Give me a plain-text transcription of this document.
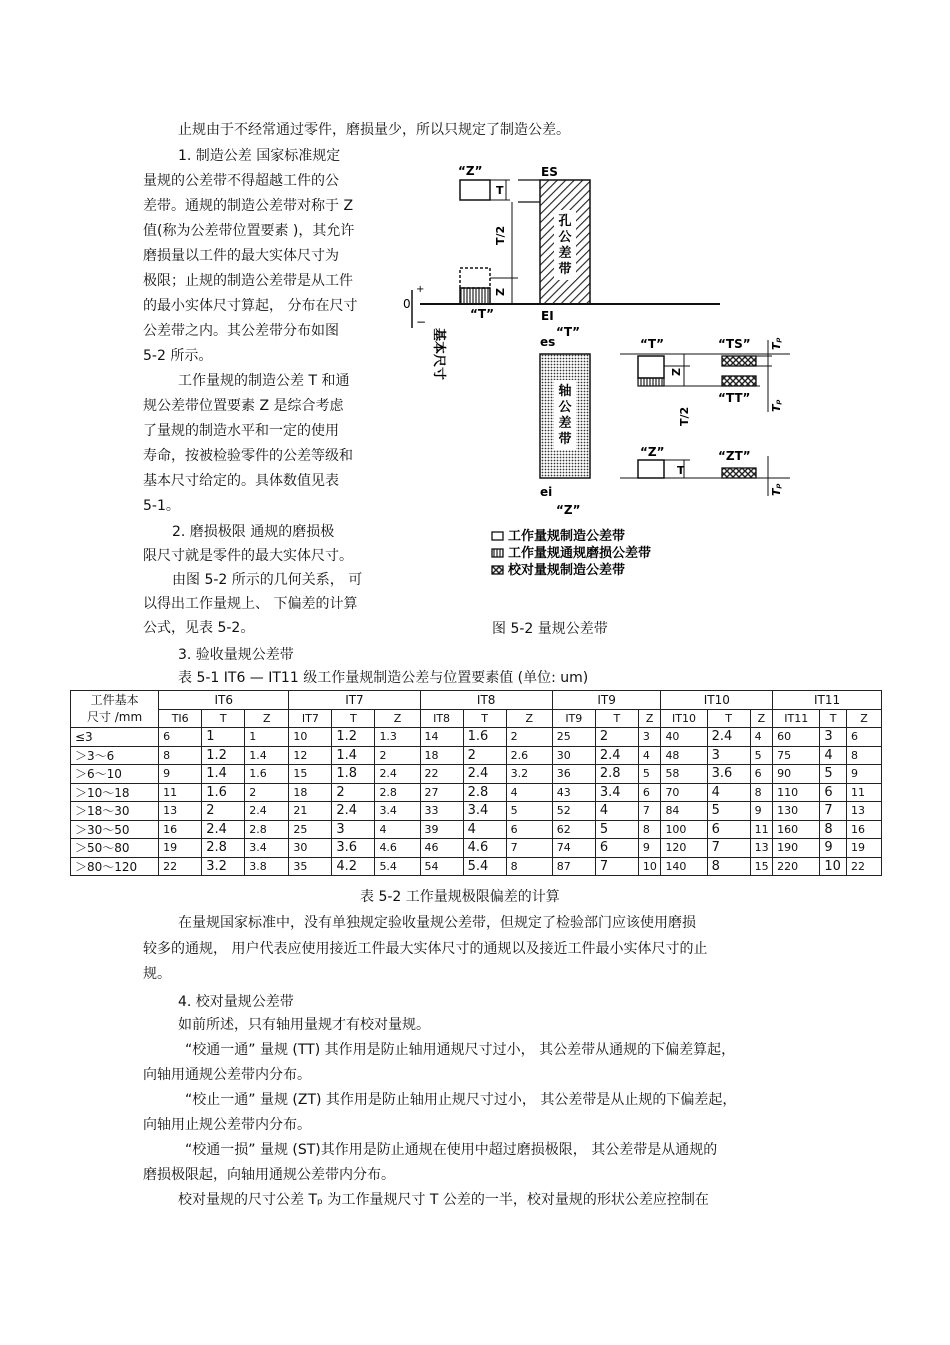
止规由于不经常通过零件，磨损量少，所以只规定了制造公差。
1. 制造公差 国家标准规定
量规的公差带不得超越工件的公
差带。通规的制造公差带对称于 Z
值(称为公差带位置要素 )，其允许
磨损量以工件的最大实体尺寸为
极限；止规的制造公差带是从工件
的最小实体尺寸算起， 分布在尺寸
公差带之内。其公差带分布如图
5-2 所示。
工作量规的制造公差 T 和通
规公差带位置要素 Z 是综合考虑
了量规的制造水平和一定的使用
寿命，按被检验零件的公差等级和
基本尺寸给定的。具体数值见表
5-1。
2. 磨损极限 通规的磨损极
限尺寸就是零件的最大实体尺寸。
由图 5-2 所示的几何关系， 可
以得出工作量规上、 下偏差的计算
公式，见表 5-2。
+
0
−
基本尺寸
孔公差带
ES
EI
“Z”
T
“T”
T/2
Z
es
“T”
轴公差带
ei
“Z”
“T”
Z
T/2
“TS”
“TT”
Tₚ
Tₚ
“Z”
T
“ZT”
Tₚ
工作量规制造公差带
工作量规通规磨损公差带
校对量规制造公差带
图 5-2 量规公差带
3. 验收量规公差带
表 5-1 IT6 — IT11 级工作量规制造公差与位置要素值 (单位: um)
工件基本
尺寸 /mm	IT6			IT7			IT8			IT9			IT10			IT11		
	TI6	T	Z	IT7	T	Z	IT8	T	Z	IT9	T	Z	IT10	T	Z	IT11	T	Z
≤3	6	1	1	10	1.2	1.3	14	1.6	2	25	2	3	40	2.4	4	60	3	6
＞3～6	8	1.2	1.4	12	1.4	2	18	2	2.6	30	2.4	4	48	3	5	75	4	8
＞6～10	9	1.4	1.6	15	1.8	2.4	22	2.4	3.2	36	2.8	5	58	3.6	6	90	5	9
＞10～18	11	1.6	2	18	2	2.8	27	2.8	4	43	3.4	6	70	4	8	110	6	11
＞18～30	13	2	2.4	21	2.4	3.4	33	3.4	5	52	4	7	84	5	9	130	7	13
＞30～50	16	2.4	2.8	25	3	4	39	4	6	62	5	8	100	6	11	160	8	16
＞50～80	19	2.8	3.4	30	3.6	4.6	46	4.6	7	74	6	9	120	7	13	190	9	19
＞80～120	22	3.2	3.8	35	4.2	5.4	54	5.4	8	87	7	10	140	8	15	220	10	22
表 5-2 工作量规极限偏差的计算
在量规国家标准中，没有单独规定验收量规公差带，但规定了检验部门应该使用磨损
较多的通规， 用户代表应使用接近工件最大实体尺寸的通规以及接近工件最小实体尺寸的止
规。
4. 校对量规公差带
如前所述，只有轴用量规才有校对量规。
“校通一通” 量规 (TT) 其作用是防止轴用通规尺寸过小， 其公差带从通规的下偏差算起，
向轴用通规公差带内分布。
“校止一通” 量规 (ZT) 其作用是防止轴用止规尺寸过小， 其公差带是从止规的下偏差起，
向轴用止规公差带内分布。
“校通一损” 量规 (ST)其作用是防止通规在使用中超过磨损极限， 其公差带是从通规的
磨损极限起，向轴用通规公差带内分布。
校对量规的尺寸公差 Tₚ 为工作量规尺寸 T 公差的一半，校对量规的形状公差应控制在
